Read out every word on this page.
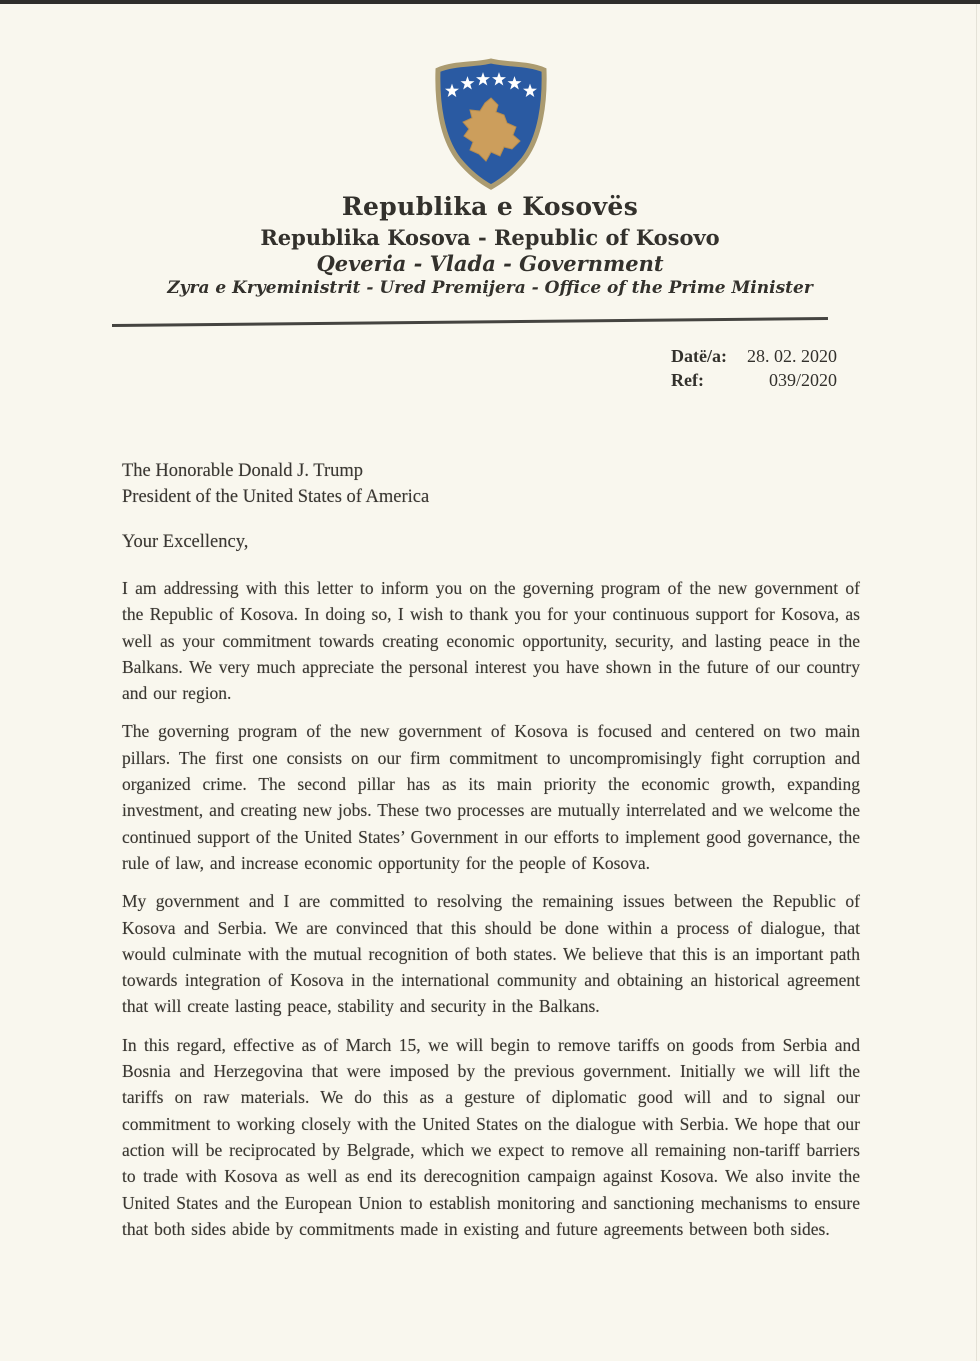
Republika e Kosovës
Republika Kosova - Republic of Kosovo
Qeveria - Vlada - Government
Zyra e Kryeministrit - Ured Premijera - Office of the Prime Minister
Datë/a: 28. 02. 2020
Ref:	039/2020
The Honorable Donald J. Trump
President of the United States of America
Your Excellency,

I am addressing with this letter to inform you on the governing program of the new government of the Republic of Kosova. In doing so, I wish to thank you for your continuous support for Kosova, as well as your commitment towards creating economic opportunity, security, and lasting peace in the Balkans. We very much appreciate the personal interest you have shown in the future of our country and our region.

The governing program of the new government of Kosova is focused and centered on two main pillars. The first one consists on our firm commitment to uncompromisingly fight corruption and organized crime. The second pillar has as its main priority the economic growth, expanding investment, and creating new jobs. These two processes are mutually interrelated and we welcome the continued support of the United States’ Government in our efforts to implement good governance, the rule of law, and increase economic opportunity for the people of Kosova.

My government and I are committed to resolving the remaining issues between the Republic of Kosova and Serbia. We are convinced that this should be done within a process of dialogue, that would culminate with the mutual recognition of both states. We believe that this is an important path towards integration of Kosova in the international community and obtaining an historical agreement that will create lasting peace, stability and security in the Balkans.

In this regard, effective as of March 15, we will begin to remove tariffs on goods from Serbia and Bosnia and Herzegovina that were imposed by the previous government. Initially we will lift the tariffs on raw materials. We do this as a gesture of diplomatic good will and to signal our commitment to working closely with the United States on the dialogue with Serbia. We hope that our action will be reciprocated by Belgrade, which we expect to remove all remaining non-tariff barriers to trade with Kosova as well as end its derecognition campaign against Kosova. We also invite the United States and the European Union to establish monitoring and sanctioning mechanisms to ensure that both sides abide by commitments made in existing and future agreements between both sides.
